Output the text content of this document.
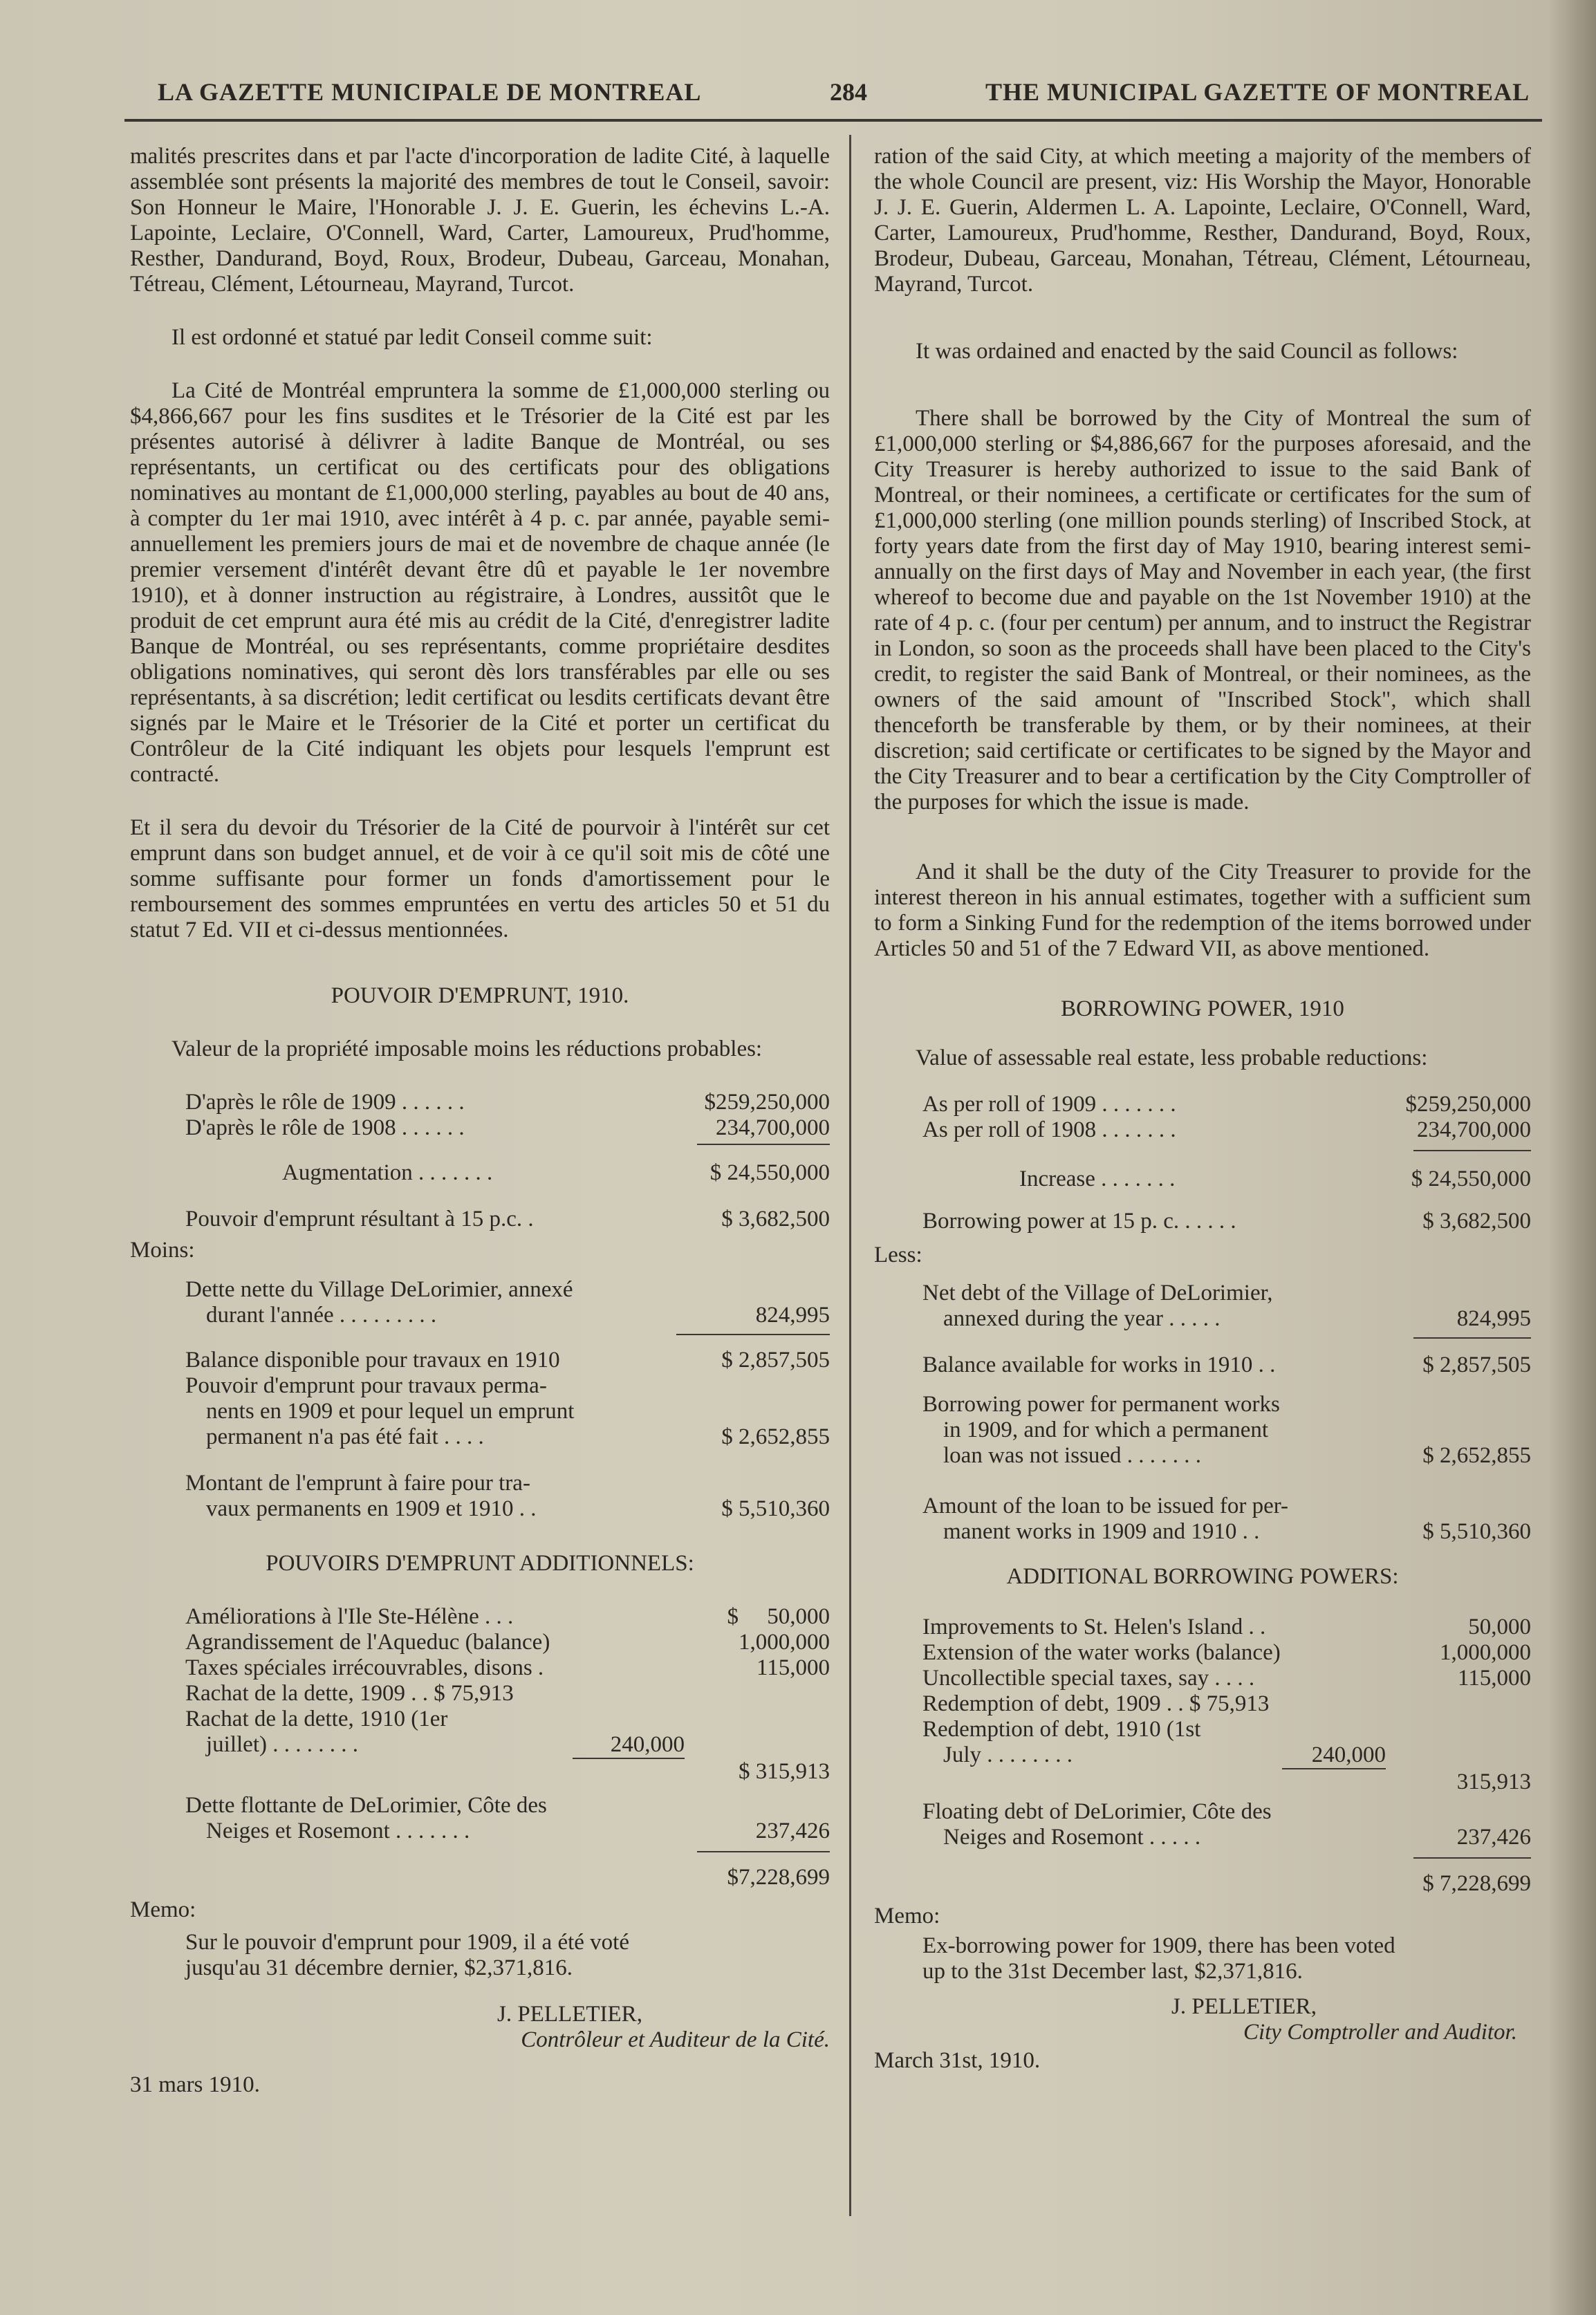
LA GAZETTE MUNICIPALE DE MONTREAL	284	THE MUNICIPAL GAZETTE OF MONTREAL

malités prescrites dans et par l'acte d'incorporation de ladite Cité, à laquelle assemblée sont présents la majorité des membres de tout le Conseil, savoir: Son Honneur le Maire, l'Honorable J. J. E. Guerin, les échevins L.-A. Lapointe, Leclaire, O'Connell, Ward, Carter, Lamoureux, Prud'homme, Resther, Dandurand, Boyd, Roux, Brodeur, Dubeau, Garceau, Monahan, Tétreau, Clément, Létourneau, Mayrand, Turcot.

Il est ordonné et statué par ledit Conseil comme suit:

La Cité de Montréal empruntera la somme de £1,000,000 sterling ou $4,866,667 pour les fins susdites et le Trésorier de la Cité est par les présentes autorisé à délivrer à ladite Banque de Montréal, ou ses représentants, un certificat ou des certificats pour des obligations nominatives au montant de £1,000,000 sterling, payables au bout de 40 ans, à compter du 1er mai 1910, avec intérêt à 4 p. c. par année, payable semi-annuellement les premiers jours de mai et de novembre de chaque année (le premier versement d'intérêt devant être dû et payable le 1er novembre 1910), et à donner instruction au régistraire, à Londres, aussitôt que le produit de cet emprunt aura été mis au crédit de la Cité, d'enregistrer ladite Banque de Montréal, ou ses représentants, comme propriétaire desdites obligations nominatives, qui seront dès lors transférables par elle ou ses représentants, à sa discrétion; ledit certificat ou lesdits certificats devant être signés par le Maire et le Trésorier de la Cité et porter un certificat du Contrôleur de la Cité indiquant les objets pour lesquels l'emprunt est contracté.

Et il sera du devoir du Trésorier de la Cité de pourvoir à l'intérêt sur cet emprunt dans son budget annuel, et de voir à ce qu'il soit mis de côté une somme suffisante pour former un fonds d'amortissement pour le remboursement des sommes empruntées en vertu des articles 50 et 51 du statut 7 Ed. VII et ci-dessus mentionnées.

POUVOIR D'EMPRUNT, 1910.

Valeur de la propriété imposable moins les réductions probables:

D'après le rôle de 1909 . . . . . .	$259,250,000
D'après le rôle de 1908 . . . . . .	234,700,000
Augmentation . . . . . . .	$ 24,550,000
Pouvoir d'emprunt résultant à 15 p.c. .	$ 3,682,500

Moins:

Dette nette du Village DeLorimier, annexé

durant l'année . . . . . . . . .	824,995
Balance disponible pour travaux en 1910	$ 2,857,505

Pouvoir d'emprunt pour travaux perma-

nents en 1909 et pour lequel un emprunt

permanent n'a pas été fait . . . .	$ 2,652,855

Montant de l'emprunt à faire pour tra-

vaux permanents en 1909 et 1910 . .	$ 5,510,360

POUVOIRS D'EMPRUNT ADDITIONNELS:

Améliorations à l'Ile Ste-Hélène . . .	$ 50,000
Agrandissement de l'Aqueduc (balance)	1,000,000
Taxes spéciales irrécouvrables, disons .	115,000

Rachat de la dette, 1909 . . $ 75,913

Rachat de la dette, 1910 (1er

juillet) . . . . . . . .	240,000
$ 315,913

Dette flottante de DeLorimier, Côte des

Neiges et Rosemont . . . . . . .	237,426
$7,228,699

Memo:

Sur le pouvoir d'emprunt pour 1909, il a été voté jusqu'au 31 décembre dernier, $2,371,816.

J. PELLETIER,

Contrôleur et Auditeur de la Cité.

31 mars 1910.

ration of the said City, at which meeting a majority of the members of the whole Council are present, viz: His Worship the Mayor, Honorable J. J. E. Guerin, Aldermen L. A. Lapointe, Leclaire, O'Connell, Ward, Carter, Lamoureux, Prud'homme, Resther, Dandurand, Boyd, Roux, Brodeur, Dubeau, Garceau, Monahan, Tétreau, Clément, Létourneau, Mayrand, Turcot.

It was ordained and enacted by the said Council as follows:

There shall be borrowed by the City of Montreal the sum of £1,000,000 sterling or $4,886,667 for the purposes aforesaid, and the City Treasurer is hereby authorized to issue to the said Bank of Montreal, or their nominees, a certificate or certificates for the sum of £1,000,000 sterling (one million pounds sterling) of Inscribed Stock, at forty years date from the first day of May 1910, bearing interest semi-annually on the first days of May and November in each year, (the first whereof to become due and payable on the 1st November 1910) at the rate of 4 p. c. (four per centum) per annum, and to instruct the Registrar in London, so soon as the proceeds shall have been placed to the City's credit, to register the said Bank of Montreal, or their nominees, as the owners of the said amount of "Inscribed Stock", which shall thenceforth be transferable by them, or by their nominees, at their discretion; said certificate or certificates to be signed by the Mayor and the City Treasurer and to bear a certification by the City Comptroller of the purposes for which the issue is made.

And it shall be the duty of the City Treasurer to provide for the interest thereon in his annual estimates, together with a sufficient sum to form a Sinking Fund for the redemption of the items borrowed under Articles 50 and 51 of the 7 Edward VII, as above mentioned.

BORROWING POWER, 1910

Value of assessable real estate, less probable reductions:

As per roll of 1909 . . . . . . .	$259,250,000
As per roll of 1908 . . . . . . .	234,700,000
Increase . . . . . . .	$ 24,550,000
Borrowing power at 15 p. c. . . . . .	$ 3,682,500

Less:

Net debt of the Village of DeLorimier,

annexed during the year . . . . .	824,995
Balance available for works in 1910 . .	$ 2,857,505

Borrowing power for permanent works

in 1909, and for which a permanent

loan was not issued . . . . . . .	$ 2,652,855

Amount of the loan to be issued for per-

manent works in 1909 and 1910 . .	$ 5,510,360

ADDITIONAL BORROWING POWERS:

Improvements to St. Helen's Island . .	50,000
Extension of the water works (balance)	1,000,000
Uncollectible special taxes, say . . . .	115,000

Redemption of debt, 1909 . . $ 75,913

Redemption of debt, 1910 (1st

July . . . . . . . .	240,000
315,913

Floating debt of DeLorimier, Côte des

Neiges and Rosemont . . . . .	237,426
$ 7,228,699

Memo:

Ex-borrowing power for 1909, there has been voted up to the 31st December last, $2,371,816.

J. PELLETIER,

City Comptroller and Auditor.

March 31st, 1910.
